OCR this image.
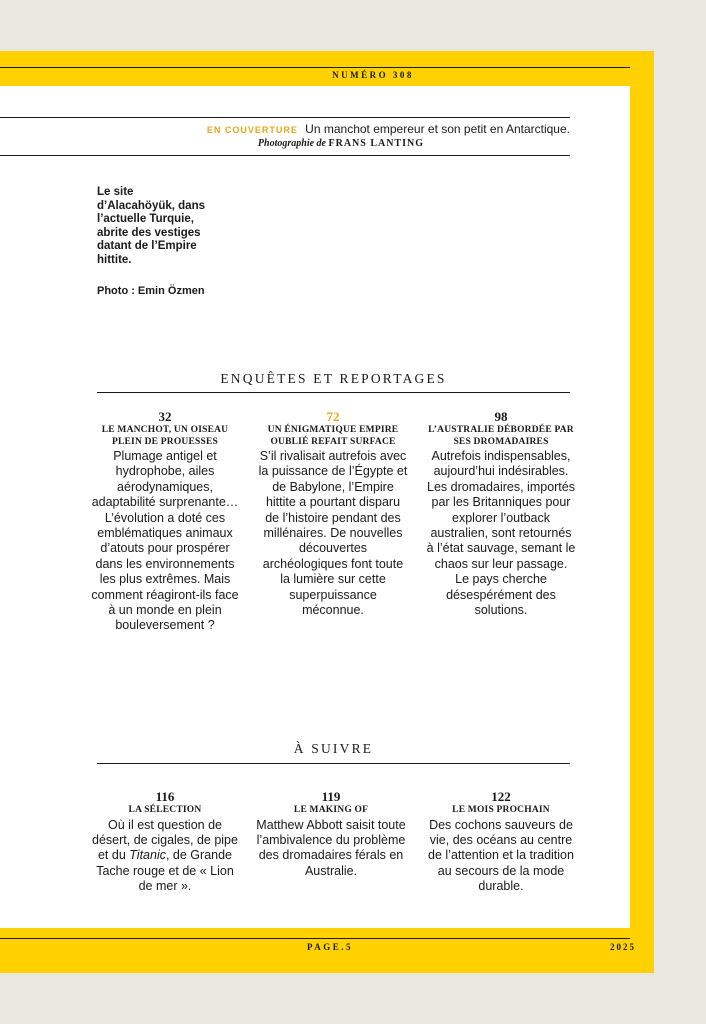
NUMÉRO 308
EN COUVERTURE Un manchot empereur et son petit en Antarctique.
Photographie de FRANS LANTING
Le site d’Alacahöyük, dans l’actuelle Turquie, abrite des vestiges datant de l’Empire hittite.
Photo : Emin Özmen
ENQUÊTES ET REPORTAGES
32
LE MANCHOT, UN OISEAU PLEIN DE PROUESSES
Plumage antigel et hydrophobe, ailes aérodynamiques, adaptabilité surprenante… L’évolution a doté ces emblématiques animaux d’atouts pour prospérer dans les environnements les plus extrêmes. Mais comment réagiront-ils face à un monde en plein bouleversement ?
72
UN ÉNIGMATIQUE EMPIRE OUBLIÉ REFAIT SURFACE
S’il rivalisait autrefois avec la puissance de l’Égypte et de Babylone, l’Empire hittite a pourtant disparu de l’histoire pendant des millénaires. De nouvelles découvertes archéologiques font toute la lumière sur cette superpuissance méconnue.
98
L’AUSTRALIE DÉBORDÉE PAR SES DROMADAIRES
Autrefois indispensables, aujourd’hui indésirables. Les dromadaires, importés par les Britanniques pour explorer l’outback australien, sont retournés à l’état sauvage, semant le chaos sur leur passage. Le pays cherche désespérément des solutions.
À SUIVRE
116
LA SÉLECTION
Où il est question de désert, de cigales, de pipe et du Titanic, de Grande Tache rouge et de « Lion de mer ».
119
LE MAKING OF
Matthew Abbott saisit toute l’ambivalence du problème des dromadaires férals en Australie.
122
LE MOIS PROCHAIN
Des cochons sauveurs de vie, des océans au centre de l’attention et la tradition au secours de la mode durable.
PAGE.5	2025
